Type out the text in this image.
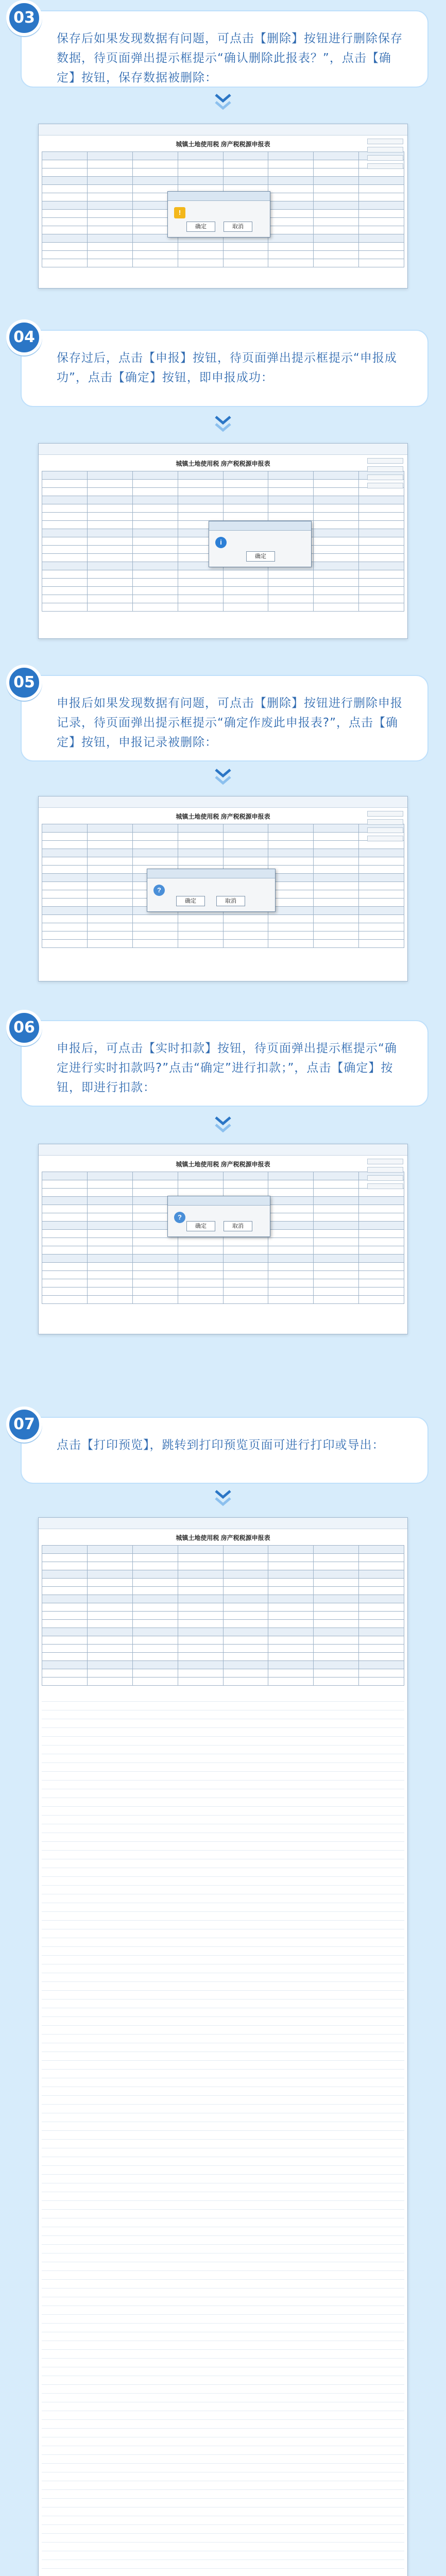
保存后如果发现数据有问题，可点击【删除】按钮进行删除保存数据，待页面弹出提示框提示“确认删除此报表？”，点击【确定】按钮，保存数据被删除：
03
城镇土地使用税 房产税税源申报表

!
确定	取消
保存过后，点击【申报】按钮，待页面弹出提示框提示“申报成功”，点击【确定】按钮，即申报成功：
04
城镇土地使用税 房产税税源申报表

i
确定
申报后如果发现数据有问题，可点击【删除】按钮进行删除申报记录，待页面弹出提示框提示“确定作废此申报表?”，点击【确定】按钮，申报记录被删除：
05
城镇土地使用税 房产税税源申报表

?
确定	取消
申报后，可点击【实时扣款】按钮，待页面弹出提示框提示“确定进行实时扣款吗?”点击“确定”进行扣款；”，点击【确定】按钮，即进行扣款：
06
城镇土地使用税 房产税税源申报表

?
确定	取消
点击【打印预览】，跳转到打印预览页面可进行打印或导出：
07
城镇土地使用税 房产税税源申报表
